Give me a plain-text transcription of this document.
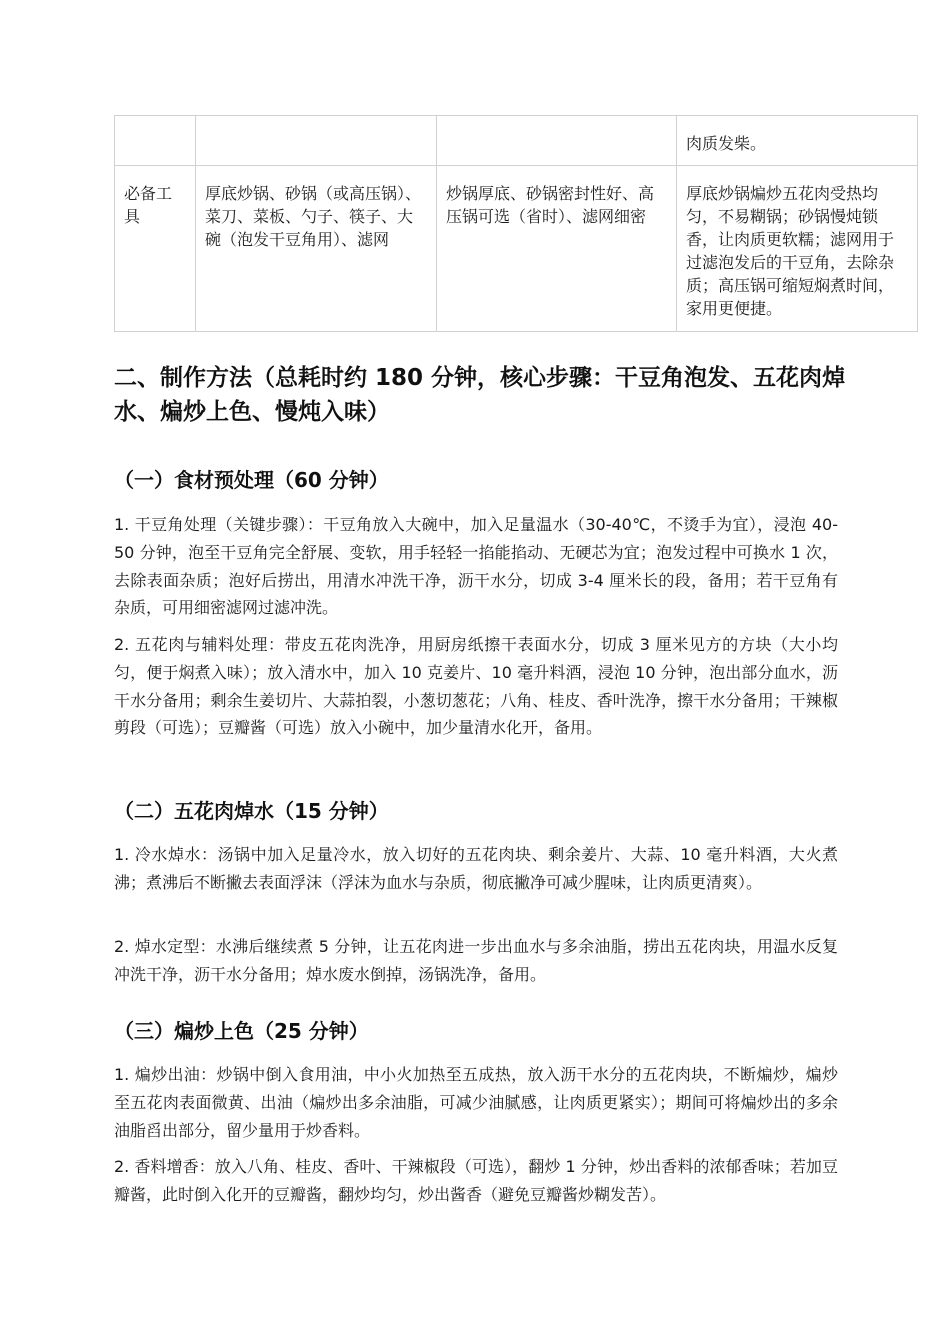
			肉质发柴。
必备工具	厚底炒锅、砂锅（或高压锅）、菜刀、菜板、勺子、筷子、大碗（泡发干豆角用）、滤网	炒锅厚底、砂锅密封性好、高压锅可选（省时）、滤网细密	厚底炒锅煸炒五花肉受热均匀，不易糊锅；砂锅慢炖锁香，让肉质更软糯；滤网用于过滤泡发后的干豆角，去除杂质；高压锅可缩短焖煮时间，家用更便捷。
二、制作方法（总耗时约 180 分钟，核心步骤：干豆角泡发、五花肉焯水、煸炒上色、慢炖入味）
（一）食材预处理（60 分钟）

1. 干豆角处理（关键步骤）：干豆角放入大碗中，加入足量温水（30-40℃，不烫手为宜），浸泡 40-50 分钟，泡至干豆角完全舒展、变软，用手轻轻一掐能掐动、无硬芯为宜；泡发过程中可换水 1 次，去除表面杂质；泡好后捞出，用清水冲洗干净，沥干水分，切成 3-4 厘米长的段，备用；若干豆角有杂质，可用细密滤网过滤冲洗。

2. 五花肉与辅料处理：带皮五花肉洗净，用厨房纸擦干表面水分，切成 3 厘米见方的方块（大小均匀，便于焖煮入味）；放入清水中，加入 10 克姜片、10 毫升料酒，浸泡 10 分钟，泡出部分血水，沥干水分备用；剩余生姜切片、大蒜拍裂，小葱切葱花；八角、桂皮、香叶洗净，擦干水分备用；干辣椒剪段（可选）；豆瓣酱（可选）放入小碗中，加少量清水化开，备用。

（二）五花肉焯水（15 分钟）

1. 冷水焯水：汤锅中加入足量冷水，放入切好的五花肉块、剩余姜片、大蒜、10 毫升料酒，大火煮沸；煮沸后不断撇去表面浮沫（浮沫为血水与杂质，彻底撇净可减少腥味，让肉质更清爽）。

2. 焯水定型：水沸后继续煮 5 分钟，让五花肉进一步出血水与多余油脂，捞出五花肉块，用温水反复冲洗干净，沥干水分备用；焯水废水倒掉，汤锅洗净，备用。

（三）煸炒上色（25 分钟）

1. 煸炒出油：炒锅中倒入食用油，中小火加热至五成热，放入沥干水分的五花肉块，不断煸炒，煸炒至五花肉表面微黄、出油（煸炒出多余油脂，可减少油腻感，让肉质更紧实）；期间可将煸炒出的多余油脂舀出部分，留少量用于炒香料。

2. 香料增香：放入八角、桂皮、香叶、干辣椒段（可选），翻炒 1 分钟，炒出香料的浓郁香味；若加豆瓣酱，此时倒入化开的豆瓣酱，翻炒均匀，炒出酱香（避免豆瓣酱炒糊发苦）。
